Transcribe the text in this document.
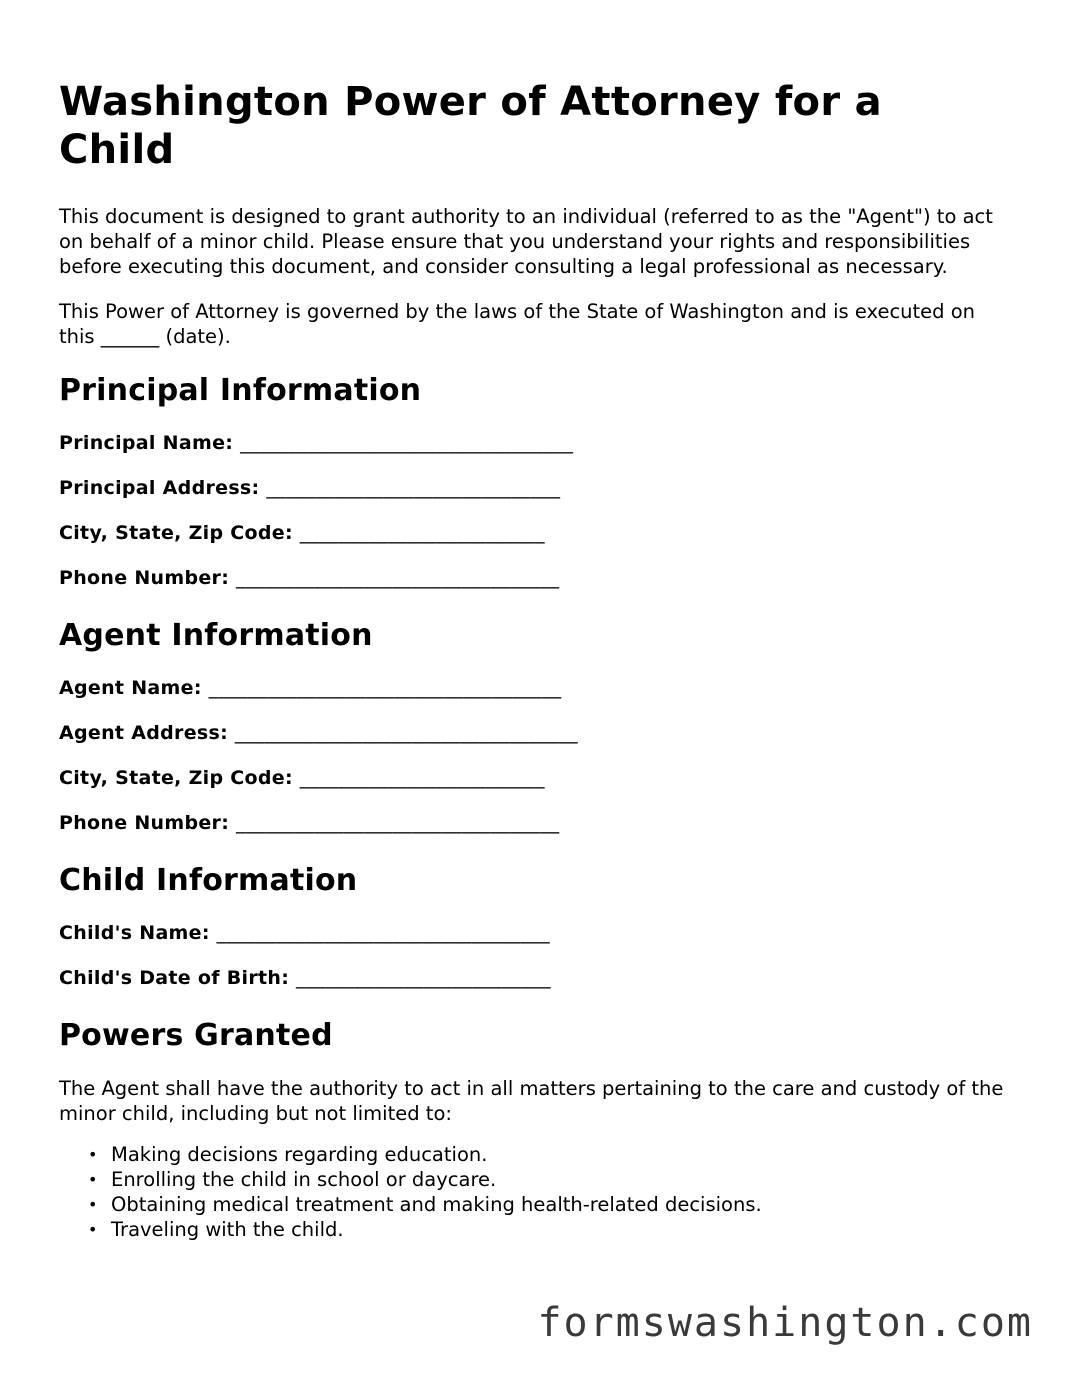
Washington Power of Attorney for a Child

This document is designed to grant authority to an individual (referred to as the "Agent") to act on behalf of a minor child. Please ensure that you understand your rights and responsibilities before executing this document, and consider consulting a legal professional as necessary.

This Power of Attorney is governed by the laws of the State of Washington and is executed on this ______ (date).

Principal Information
Principal Name: __________________________________
Principal Address: ______________________________
City, State, Zip Code: _________________________
Phone Number: _________________________________
Agent Information
Agent Name: ____________________________________
Agent Address: ___________________________________
City, State, Zip Code: _________________________
Phone Number: _________________________________
Child Information
Child's Name: __________________________________
Child's Date of Birth: __________________________
Powers Granted

The Agent shall have the authority to act in all matters pertaining to the care and custody of the minor child, including but not limited to:

• Making decisions regarding education.
• Enrolling the child in school or daycare.
• Obtaining medical treatment and making health-related decisions.
• Traveling with the child.
formswashington.com
